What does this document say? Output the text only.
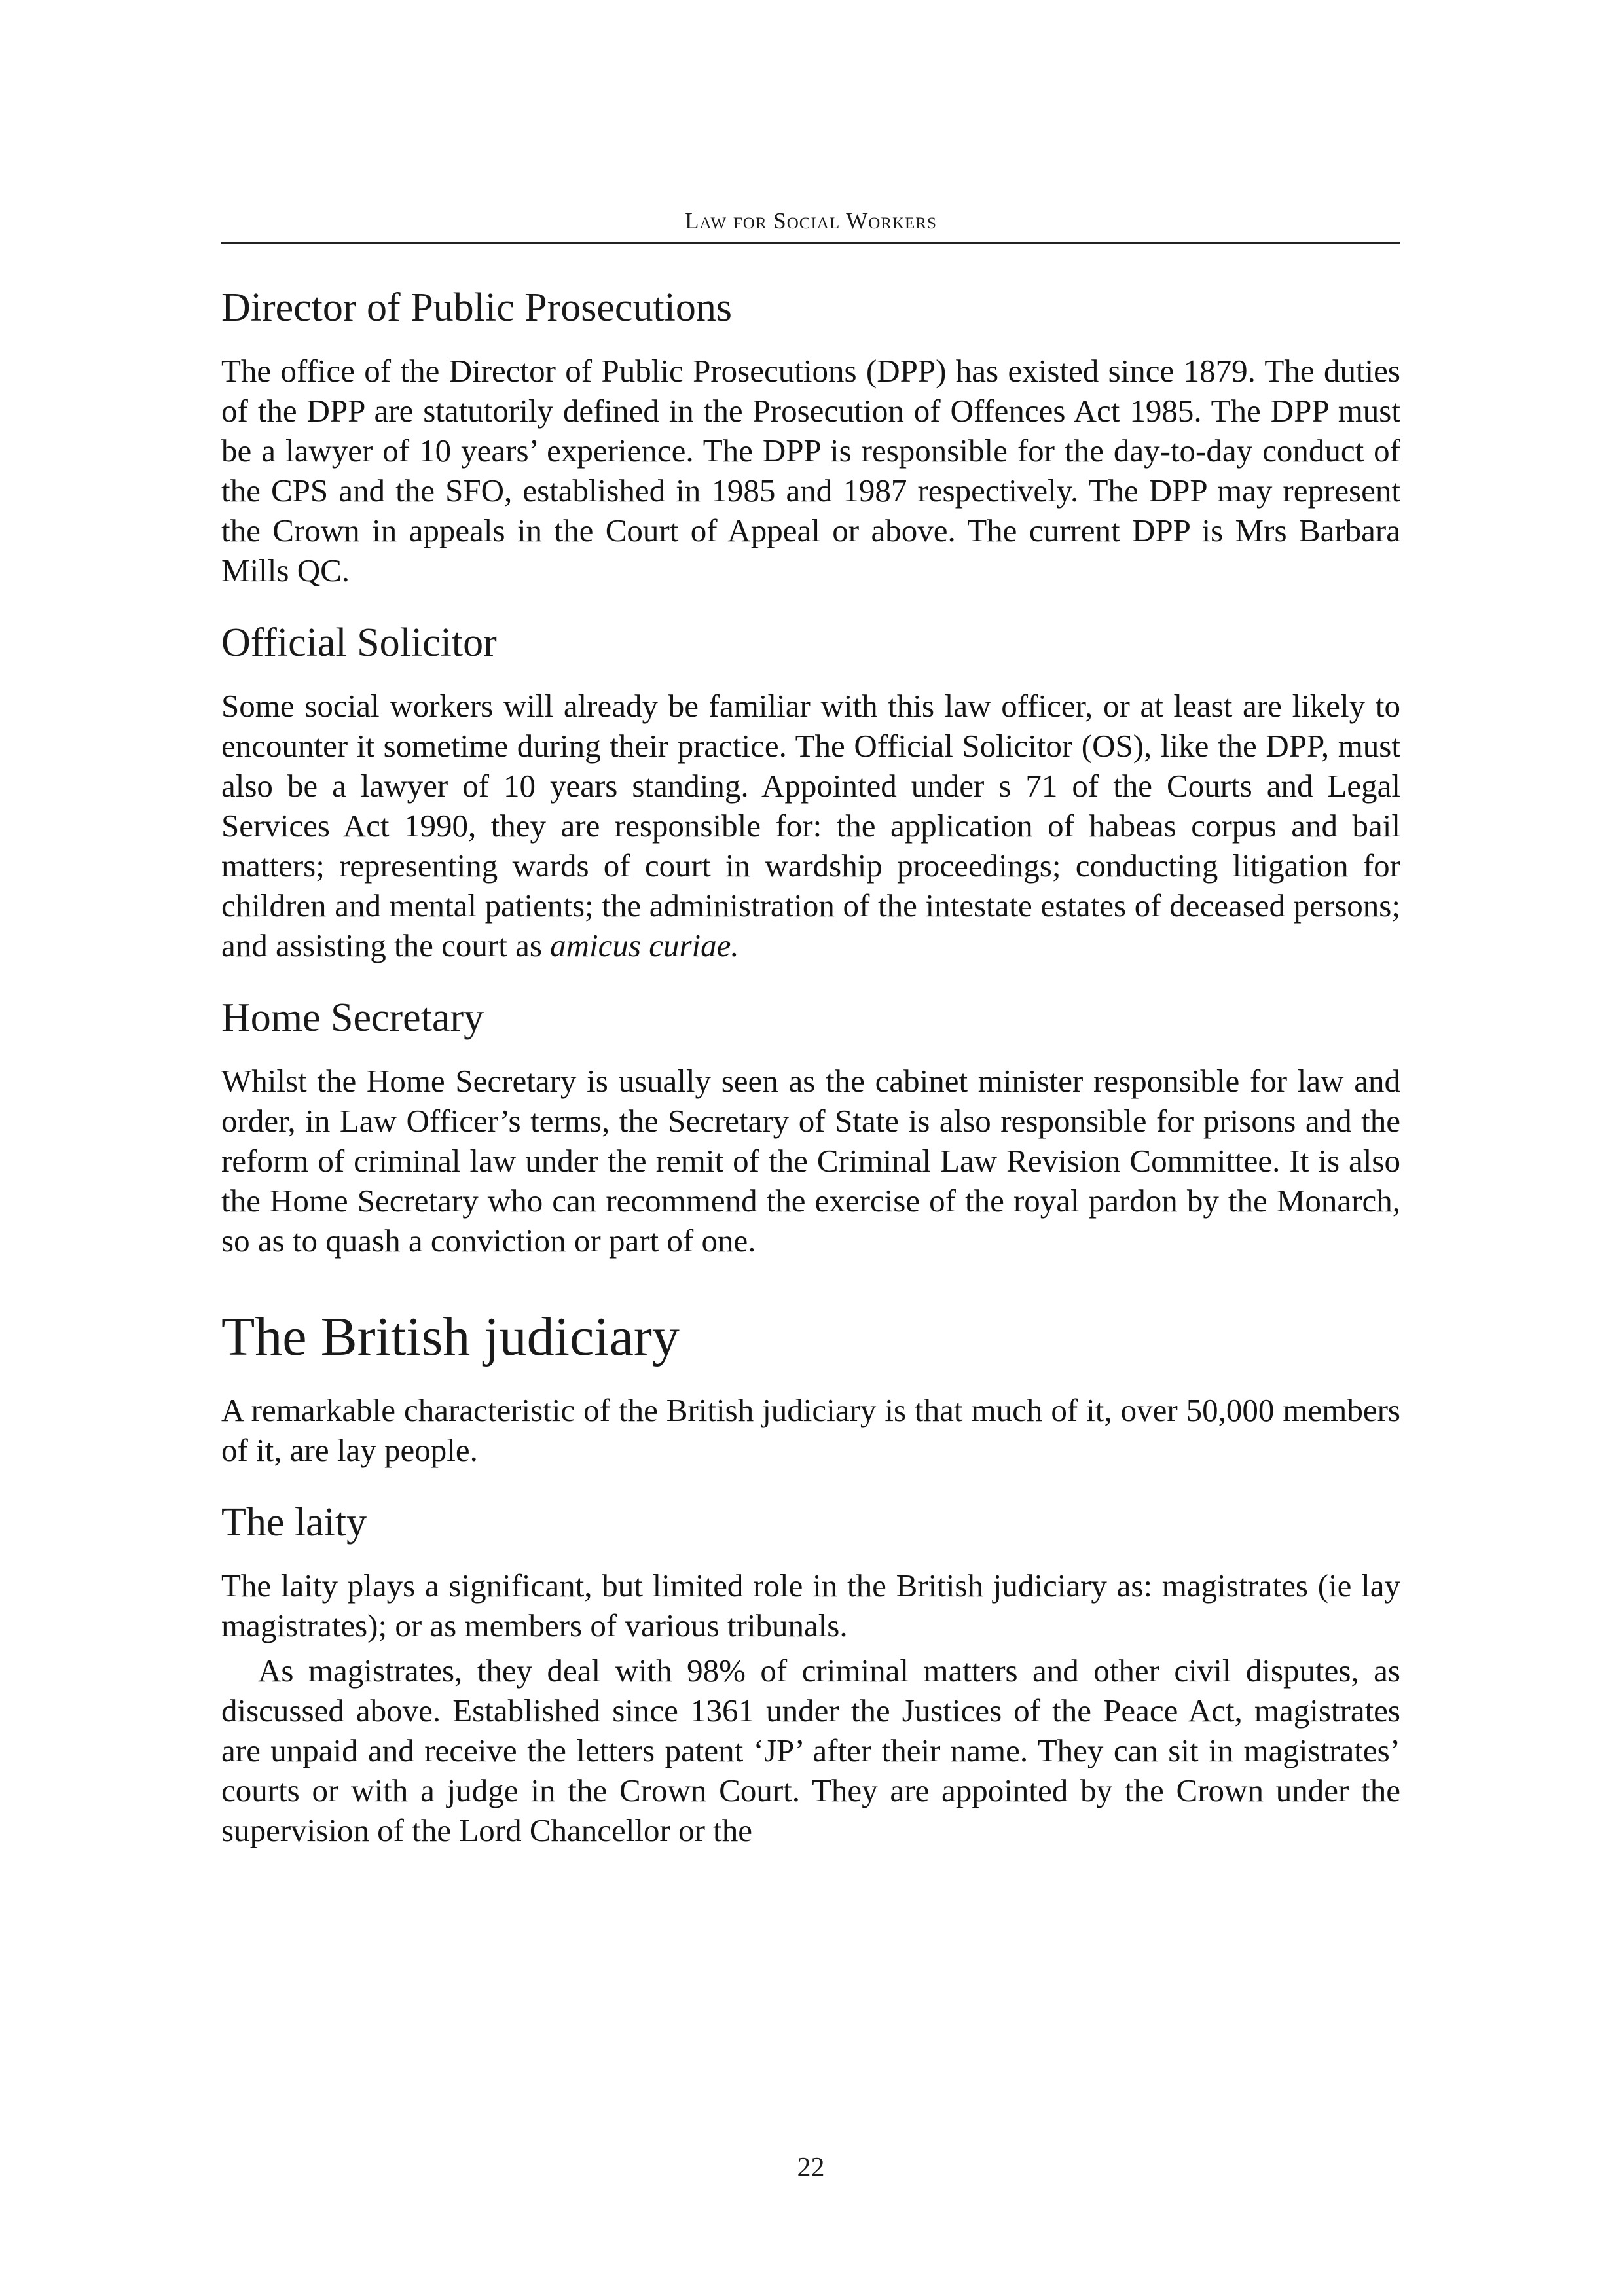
Law for Social Workers
Director of Public Prosecutions

The office of the Director of Public Prosecutions (DPP) has existed since 1879. The duties of the DPP are statutorily defined in the Prosecution of Offences Act 1985. The DPP must be a lawyer of 10 years’ experience. The DPP is responsible for the day-to-day conduct of the CPS and the SFO, established in 1985 and 1987 respectively. The DPP may represent the Crown in appeals in the Court of Appeal or above. The current DPP is Mrs Barbara Mills QC.

Official Solicitor

Some social workers will already be familiar with this law officer, or at least are likely to encounter it sometime during their practice. The Official Solicitor (OS), like the DPP, must also be a lawyer of 10 years standing. Appointed under s 71 of the Courts and Legal Services Act 1990, they are responsible for: the application of habeas corpus and bail matters; representing wards of court in wardship proceedings; conducting litigation for children and mental patients; the administration of the intestate estates of deceased persons; and assisting the court as amicus curiae.

Home Secretary

Whilst the Home Secretary is usually seen as the cabinet minister responsible for law and order, in Law Officer’s terms, the Secretary of State is also responsible for prisons and the reform of criminal law under the remit of the Criminal Law Revision Committee. It is also the Home Secretary who can recommend the exercise of the royal pardon by the Monarch, so as to quash a conviction or part of one.

The British judiciary

A remarkable characteristic of the British judiciary is that much of it, over 50,000 members of it, are lay people.

The laity

The laity plays a significant, but limited role in the British judiciary as: magistrates (ie lay magistrates); or as members of various tribunals.

As magistrates, they deal with 98% of criminal matters and other civil disputes, as discussed above. Established since 1361 under the Justices of the Peace Act, magistrates are unpaid and receive the letters patent ‘JP’ after their name. They can sit in magistrates’ courts or with a judge in the Crown Court. They are appointed by the Crown under the supervision of the Lord Chancellor or the

22
